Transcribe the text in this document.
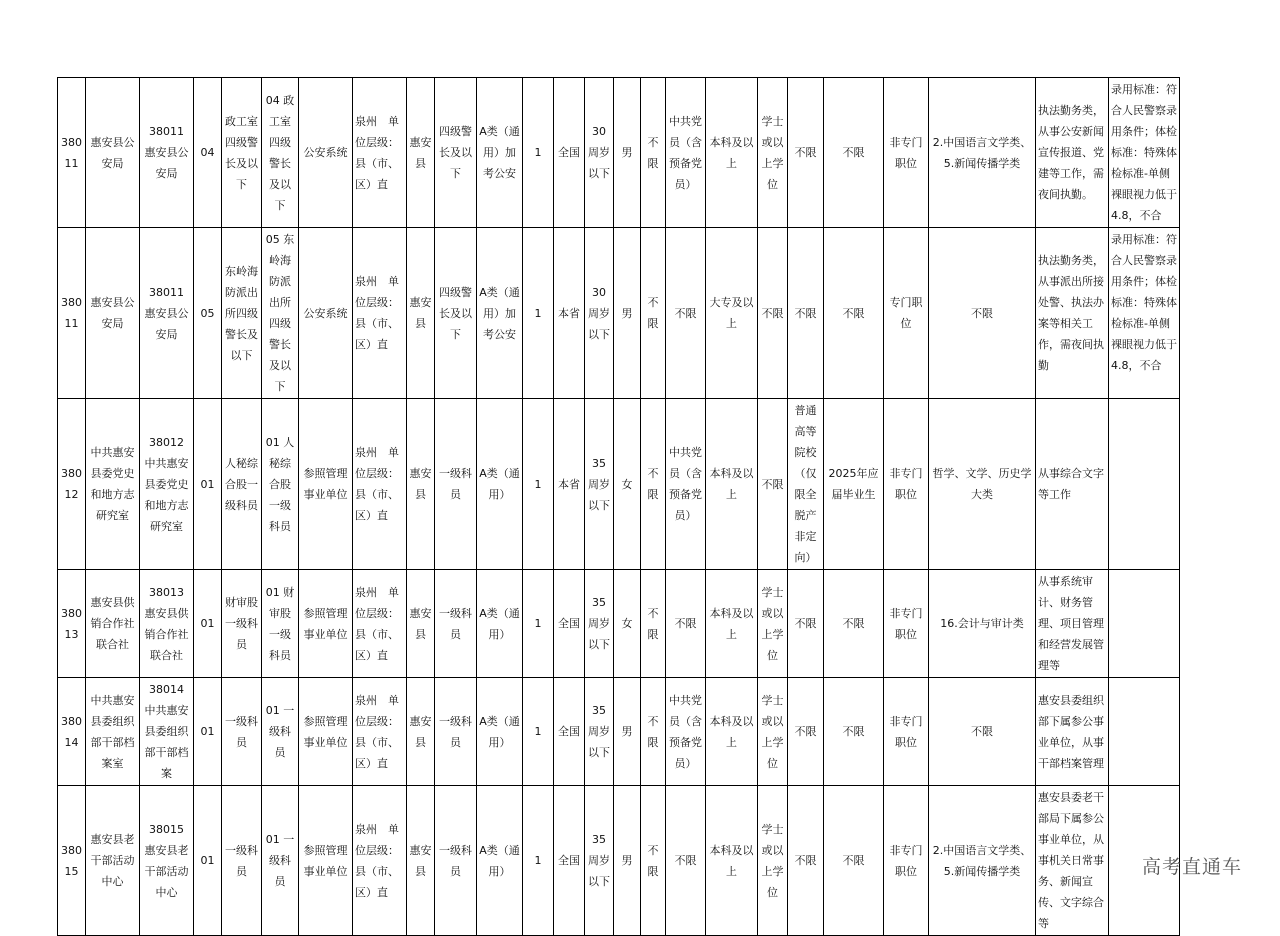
38011	惠安县公安局	38011 惠安县公安局	04	政工室四级警长及以下	04 政工室四级警长及以下	公安系统	泉州　单位层级：县（市、区）直	惠安县	四级警长及以下	A类（通用）加考公安	1	全国	30周岁以下	男	不限	中共党员（含预备党员）	本科及以上	学士或以上学位	不限	不限	非专门职位	2.中国语言文学类、5.新闻传播学类	执法勤务类，从事公安新闻宣传报道、党建等工作，需夜间执勤。	录用标准：符合人民警察录用条件；体检标准：特殊体检标准-单侧裸眼视力低于4.8，不合
38011	惠安县公安局	38011 惠安县公安局	05	东岭海防派出所四级警长及以下	05 东岭海防派出所四级警长及以下	公安系统	泉州　单位层级：县（市、区）直	惠安县	四级警长及以下	A类（通用）加考公安	1	本省	30周岁以下	男	不限	不限	大专及以上	不限	不限	不限	专门职位	不限	执法勤务类，从事派出所接处警、执法办案等相关工作，需夜间执勤	录用标准：符合人民警察录用条件；体检标准：特殊体检标准-单侧裸眼视力低于4.8，不合
38012	中共惠安县委党史和地方志研究室	38012 中共惠安县委党史和地方志研究室	01	人秘综合股一级科员	01 人秘综合股一级科员	参照管理事业单位	泉州　单位层级：县（市、区）直	惠安县	一级科员	A类（通用）	1	本省	35周岁以下	女	不限	中共党员（含预备党员）	本科及以上	不限	普通高等院校（仅限全脱产非定向）	2025年应届毕业生	非专门职位	哲学、文学、历史学大类	从事综合文字等工作	
38013	惠安县供销合作社联合社	38013 惠安县供销合作社联合社	01	财审股一级科员	01 财审股一级科员	参照管理事业单位	泉州　单位层级：县（市、区）直	惠安县	一级科员	A类（通用）	1	全国	35周岁以下	女	不限	不限	本科及以上	学士或以上学位	不限	不限	非专门职位	16.会计与审计类	从事系统审计、财务管理、项目管理和经营发展管理等	
38014	中共惠安县委组织部干部档案室	38014 中共惠安县委组织部干部档案	01	一级科员	01 一级科员	参照管理事业单位	泉州　单位层级：县（市、区）直	惠安县	一级科员	A类（通用）	1	全国	35周岁以下	男	不限	中共党员（含预备党员）	本科及以上	学士或以上学位	不限	不限	非专门职位	不限	惠安县委组织部下属参公事业单位，从事干部档案管理	
38015	惠安县老干部活动中心	38015 惠安县老干部活动中心	01	一级科员	01 一级科员	参照管理事业单位	泉州　单位层级：县（市、区）直	惠安县	一级科员	A类（通用）	1	全国	35周岁以下	男	不限	不限	本科及以上	学士或以上学位	不限	不限	非专门职位	2.中国语言文学类、5.新闻传播学类	惠安县委老干部局下属参公事业单位，从事机关日常事务、新闻宣传、文字综合等	
高考直通车
